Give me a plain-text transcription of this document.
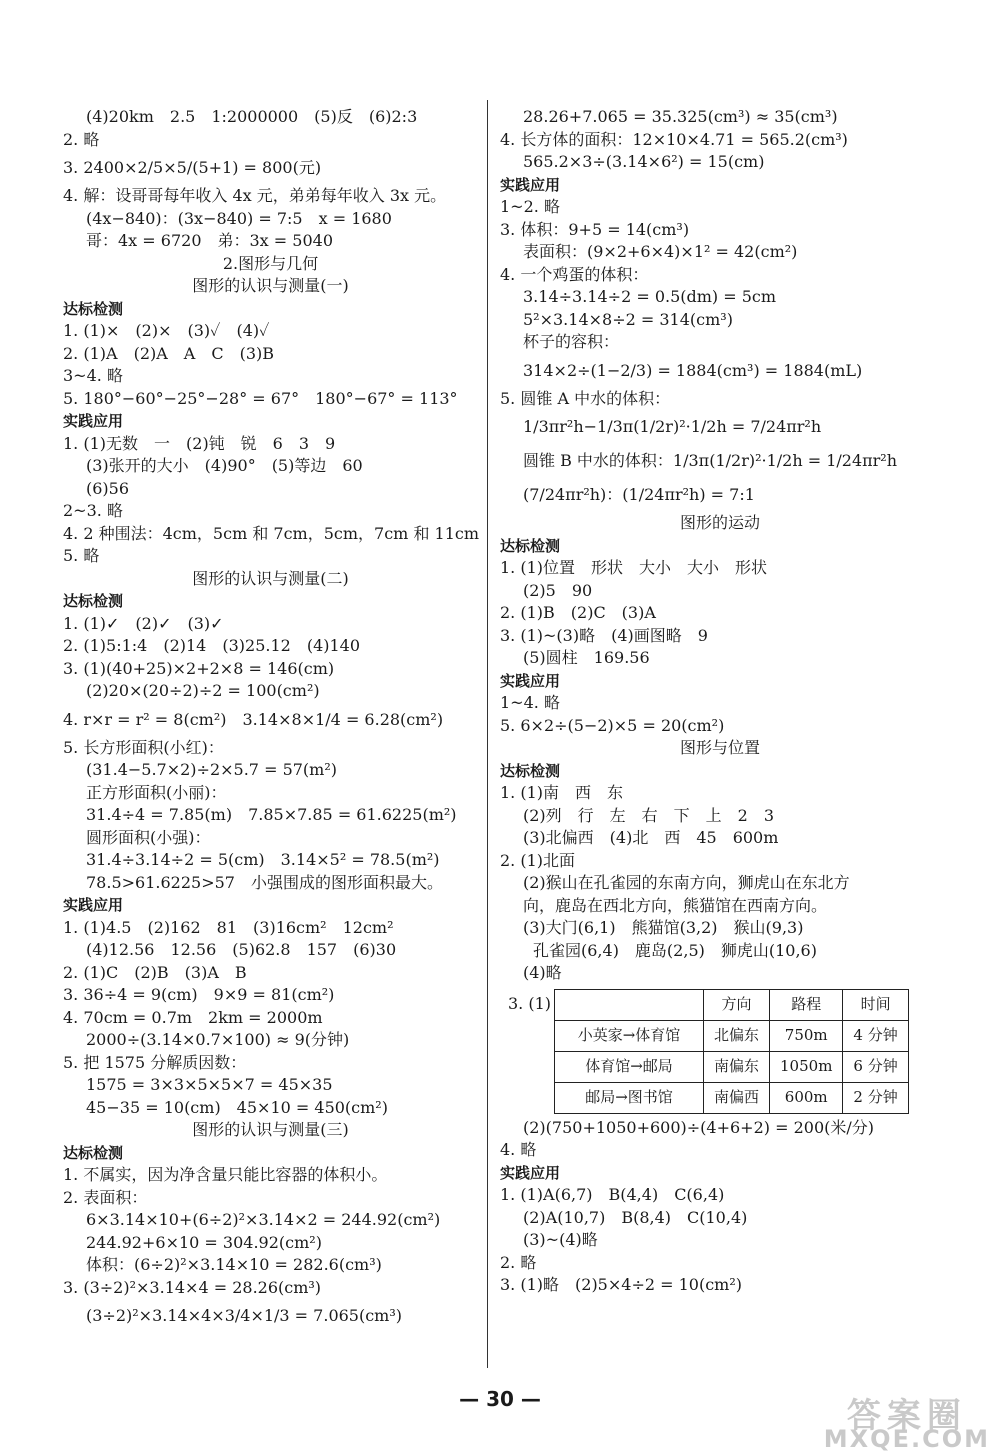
(4)20km　2.5　1:2000000　(5)反　(6)2:3
2. 略
3. 2400×2/5×5/(5+1) = 800(元)
4. 解：设哥哥每年收入 4x 元，弟弟每年收入 3x 元。
(4x−840)：(3x−840) = 7:5　x = 1680
哥：4x = 6720　弟：3x = 5040
2.图形与几何
图形的认识与测量(一)
达标检测
1. (1)×　(2)×　(3)✓　(4)✓
2. (1)A　(2)A　A　C　(3)B
3~4. 略
5. 180°−60°−25°−28° = 67°　180°−67° = 113°
实践应用
1. (1)无数　一　(2)钝　锐　6　3　9
(3)张开的大小　(4)90°　(5)等边　60
(6)56
2~3. 略
4. 2 种围法：4cm，5cm 和 7cm，5cm，7cm 和 11cm
5. 略
图形的认识与测量(二)
达标检测
1. (1)✓　(2)✓　(3)✓
2. (1)5:1:4　(2)14　(3)25.12　(4)140
3. (1)(40+25)×2+2×8 = 146(cm)
(2)20×(20÷2)÷2 = 100(cm²)
4. r×r = r² = 8(cm²)　3.14×8×1/4 = 6.28(cm²)
5. 长方形面积(小红)：
(31.4−5.7×2)÷2×5.7 = 57(m²)
正方形面积(小丽)：
31.4÷4 = 7.85(m)　7.85×7.85 = 61.6225(m²)
圆形面积(小强)：
31.4÷3.14÷2 = 5(cm)　3.14×5² = 78.5(m²)
78.5>61.6225>57　小强围成的图形面积最大。
实践应用
1. (1)4.5　(2)162　81　(3)16cm²　12cm²
(4)12.56　12.56　(5)62.8　157　(6)30
2. (1)C　(2)B　(3)A　B
3. 36÷4 = 9(cm)　9×9 = 81(cm²)
4. 70cm = 0.7m　2km = 2000m
2000÷(3.14×0.7×100) ≈ 9(分钟)
5. 把 1575 分解质因数：
1575 = 3×3×5×5×7 = 45×35
45−35 = 10(cm)　45×10 = 450(cm²)
图形的认识与测量(三)
达标检测
1. 不属实，因为净含量只能比容器的体积小。
2. 表面积：
6×3.14×10+(6÷2)²×3.14×2 = 244.92(cm²)
244.92+6×10 = 304.92(cm²)
体积：(6÷2)²×3.14×10 = 282.6(cm³)
3. (3÷2)²×3.14×4 = 28.26(cm³)
(3÷2)²×3.14×4×3/4×1/3 = 7.065(cm³)
28.26+7.065 = 35.325(cm³) ≈ 35(cm³)
4. 长方体的面积：12×10×4.71 = 565.2(cm³)
565.2×3÷(3.14×6²) = 15(cm)
实践应用
1~2. 略
3. 体积：9+5 = 14(cm³)
表面积：(9×2+6×4)×1² = 42(cm²)
4. 一个鸡蛋的体积：
3.14÷3.14÷2 = 0.5(dm) = 5cm
5²×3.14×8÷2 = 314(cm³)
杯子的容积：
314×2÷(1−2/3) = 1884(cm³) = 1884(mL)
5. 圆锥 A 中水的体积：
1/3πr²h−1/3π(1/2r)²·1/2h = 7/24πr²h
圆锥 B 中水的体积：1/3π(1/2r)²·1/2h = 1/24πr²h
(7/24πr²h)：(1/24πr²h) = 7:1
图形的运动
达标检测
1. (1)位置　形状　大小　大小　形状
(2)5　90
2. (1)B　(2)C　(3)A
3. (1)~(3)略　(4)画图略　9
(5)圆柱　169.56
实践应用
1~4. 略
5. 6×2÷(5−2)×5 = 20(cm²)
图形与位置
达标检测
1. (1)南　西　东
(2)列　行　左　右　下　上　2　3
(3)北偏西　(4)北　西　45　600m
2. (1)北面
(2)猴山在孔雀园的东南方向，狮虎山在东北方
向，鹿岛在西北方向，熊猫馆在西南方向。
(3)大门(6,1)　熊猫馆(3,2)　猴山(9,3)
孔雀园(6,4)　鹿岛(2,5)　狮虎山(10,6)
(4)略
3. (1)
		方向	路程	时间
小英家→体育馆	北偏东	750m	4 分钟
体育馆→邮局	南偏东	1050m	6 分钟
邮局→图书馆	南偏西	600m	2 分钟
(2)(750+1050+600)÷(4+6+2) = 200(米/分)
4. 略
实践应用
1. (1)A(6,7)　B(4,4)　C(6,4)
(2)A(10,7)　B(8,4)　C(10,4)
(3)~(4)略
2. 略
3. (1)略　(2)5×4÷2 = 10(cm²)
— 30 —	答案圈
MXQE.COM
